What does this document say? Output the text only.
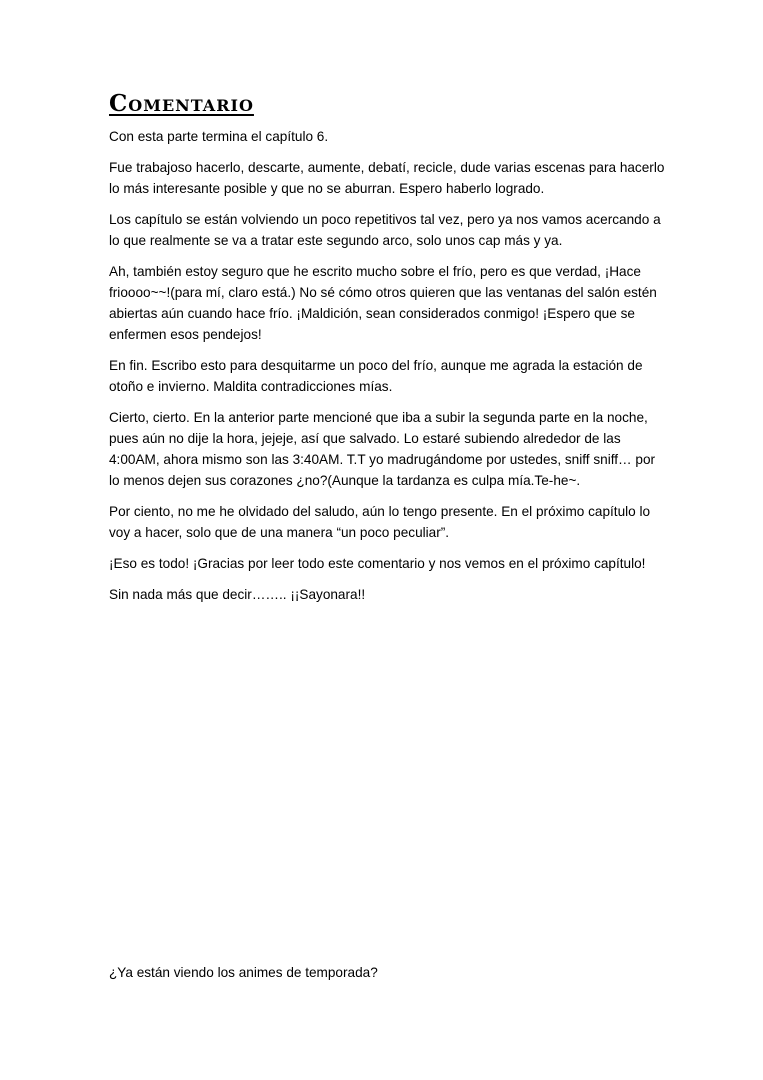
Comentario

Con esta parte termina el capítulo 6.

Fue trabajoso hacerlo, descarte, aumente, debatí, recicle, dude varias escenas para hacerlo lo más interesante posible y que no se aburran. Espero haberlo logrado.

Los capítulo se están volviendo un poco repetitivos tal vez, pero ya nos vamos acercando a lo que realmente se va a tratar este segundo arco, solo unos cap más y ya.

Ah, también estoy seguro que he escrito mucho sobre el frío, pero es que verdad, ¡Hace frioooo~~!(para mí, claro está.) No sé cómo otros quieren que las ventanas del salón estén abiertas aún cuando hace frío. ¡Maldición, sean considerados conmigo! ¡Espero que se enfermen esos pendejos!

En fin. Escribo esto para desquitarme un poco del frío, aunque me agrada la estación de otoño e invierno. Maldita contradicciones mías.

Cierto, cierto. En la anterior parte mencioné que iba a subir la segunda parte en la noche, pues aún no dije la hora, jejeje, así que salvado. Lo estaré subiendo alrededor de las 4:00AM, ahora mismo son las 3:40AM. T.T yo madrugándome por ustedes, sniff sniff… por lo menos dejen sus corazones ¿no?(Aunque la tardanza es culpa mía.Te-he~.

Por ciento, no me he olvidado del saludo, aún lo tengo presente. En el próximo capítulo lo voy a hacer, solo que de una manera “un poco peculiar”.

¡Eso es todo! ¡Gracias por leer todo este comentario y nos vemos en el próximo capítulo!

Sin nada más que decir…….. ¡¡Sayonara!!

¿Ya están viendo los animes de temporada?
